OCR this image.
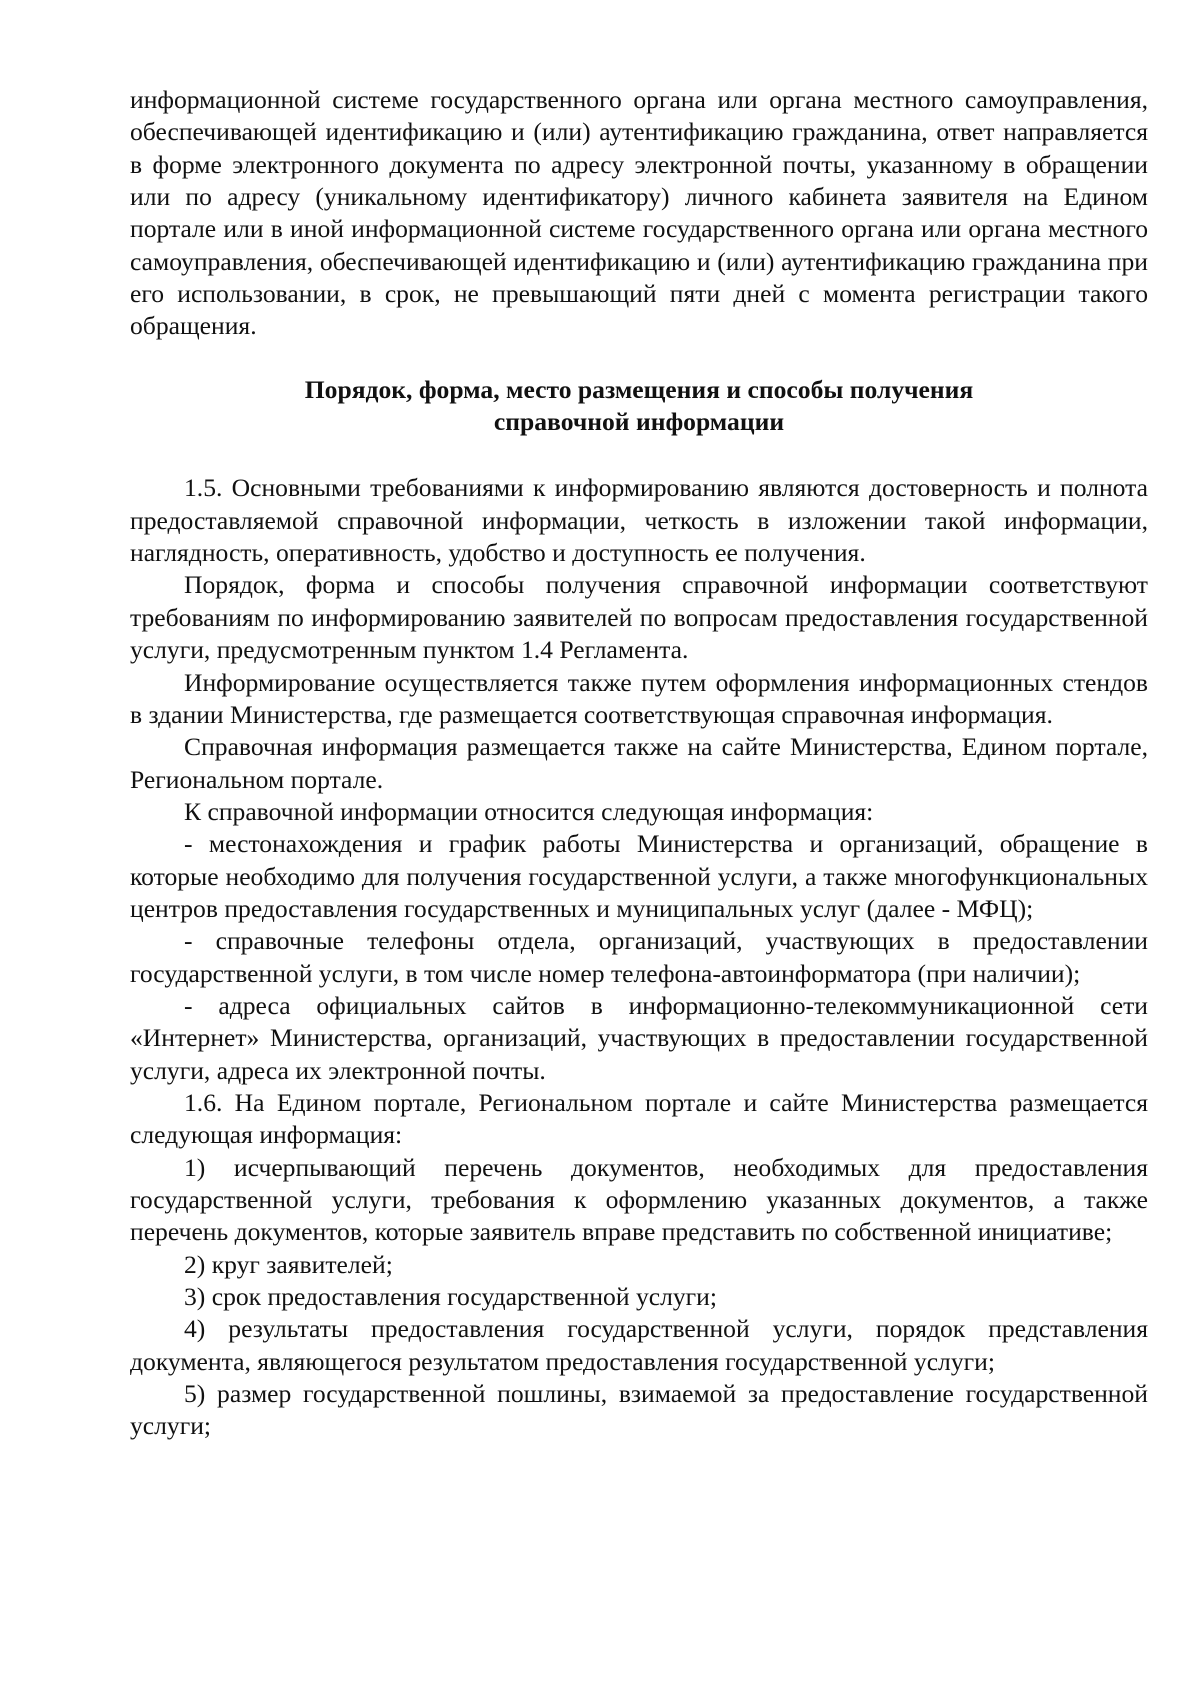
информационной системе государственного органа или органа местного самоуправления, обеспечивающей идентификацию и (или) аутентификацию гражданина, ответ направляется в форме электронного документа по адресу электронной почты, указанному в обращении или по адресу (уникальному идентификатору) личного кабинета заявителя на Едином портале или в иной информационной системе государственного органа или органа местного самоуправления, обеспечивающей идентификацию и (или) аутентификацию гражданина при его использовании, в срок, не превышающий пяти дней с момента регистрации такого обращения.

Порядок, форма, место размещения и способы получения
справочной информации

1.5. Основными требованиями к информированию являются достоверность и полнота предоставляемой справочной информации, четкость в изложении такой информации, наглядность, оперативность, удобство и доступность ее получения.

Порядок, форма и способы получения справочной информации соответствуют требованиям по информированию заявителей по вопросам предоставления государственной услуги, предусмотренным пунктом 1.4 Регламента.

Информирование осуществляется также путем оформления информационных стендов в здании Министерства, где размещается соответствующая справочная информация.

Справочная информация размещается также на сайте Министерства, Едином портале, Региональном портале.

К справочной информации относится следующая информация:

- местонахождения и график работы Министерства и организаций, обращение в которые необходимо для получения государственной услуги, а также многофункциональных центров предоставления государственных и муниципальных услуг (далее - МФЦ);

- справочные телефоны отдела, организаций, участвующих в предоставлении государственной услуги, в том числе номер телефона-автоинформатора (при наличии);

- адреса официальных сайтов в информационно-телекоммуникационной сети «Интернет» Министерства, организаций, участвующих в предоставлении государственной услуги, адреса их электронной почты.

1.6. На Едином портале, Региональном портале и сайте Министерства размещается следующая информация:

1) исчерпывающий перечень документов, необходимых для предоставления государственной услуги, требования к оформлению указанных документов, а также перечень документов, которые заявитель вправе представить по собственной инициативе;

2) круг заявителей;

3) срок предоставления государственной услуги;

4) результаты предоставления государственной услуги, порядок представления документа, являющегося результатом предоставления государственной услуги;

5) размер государственной пошлины, взимаемой за предоставление государственной услуги;
